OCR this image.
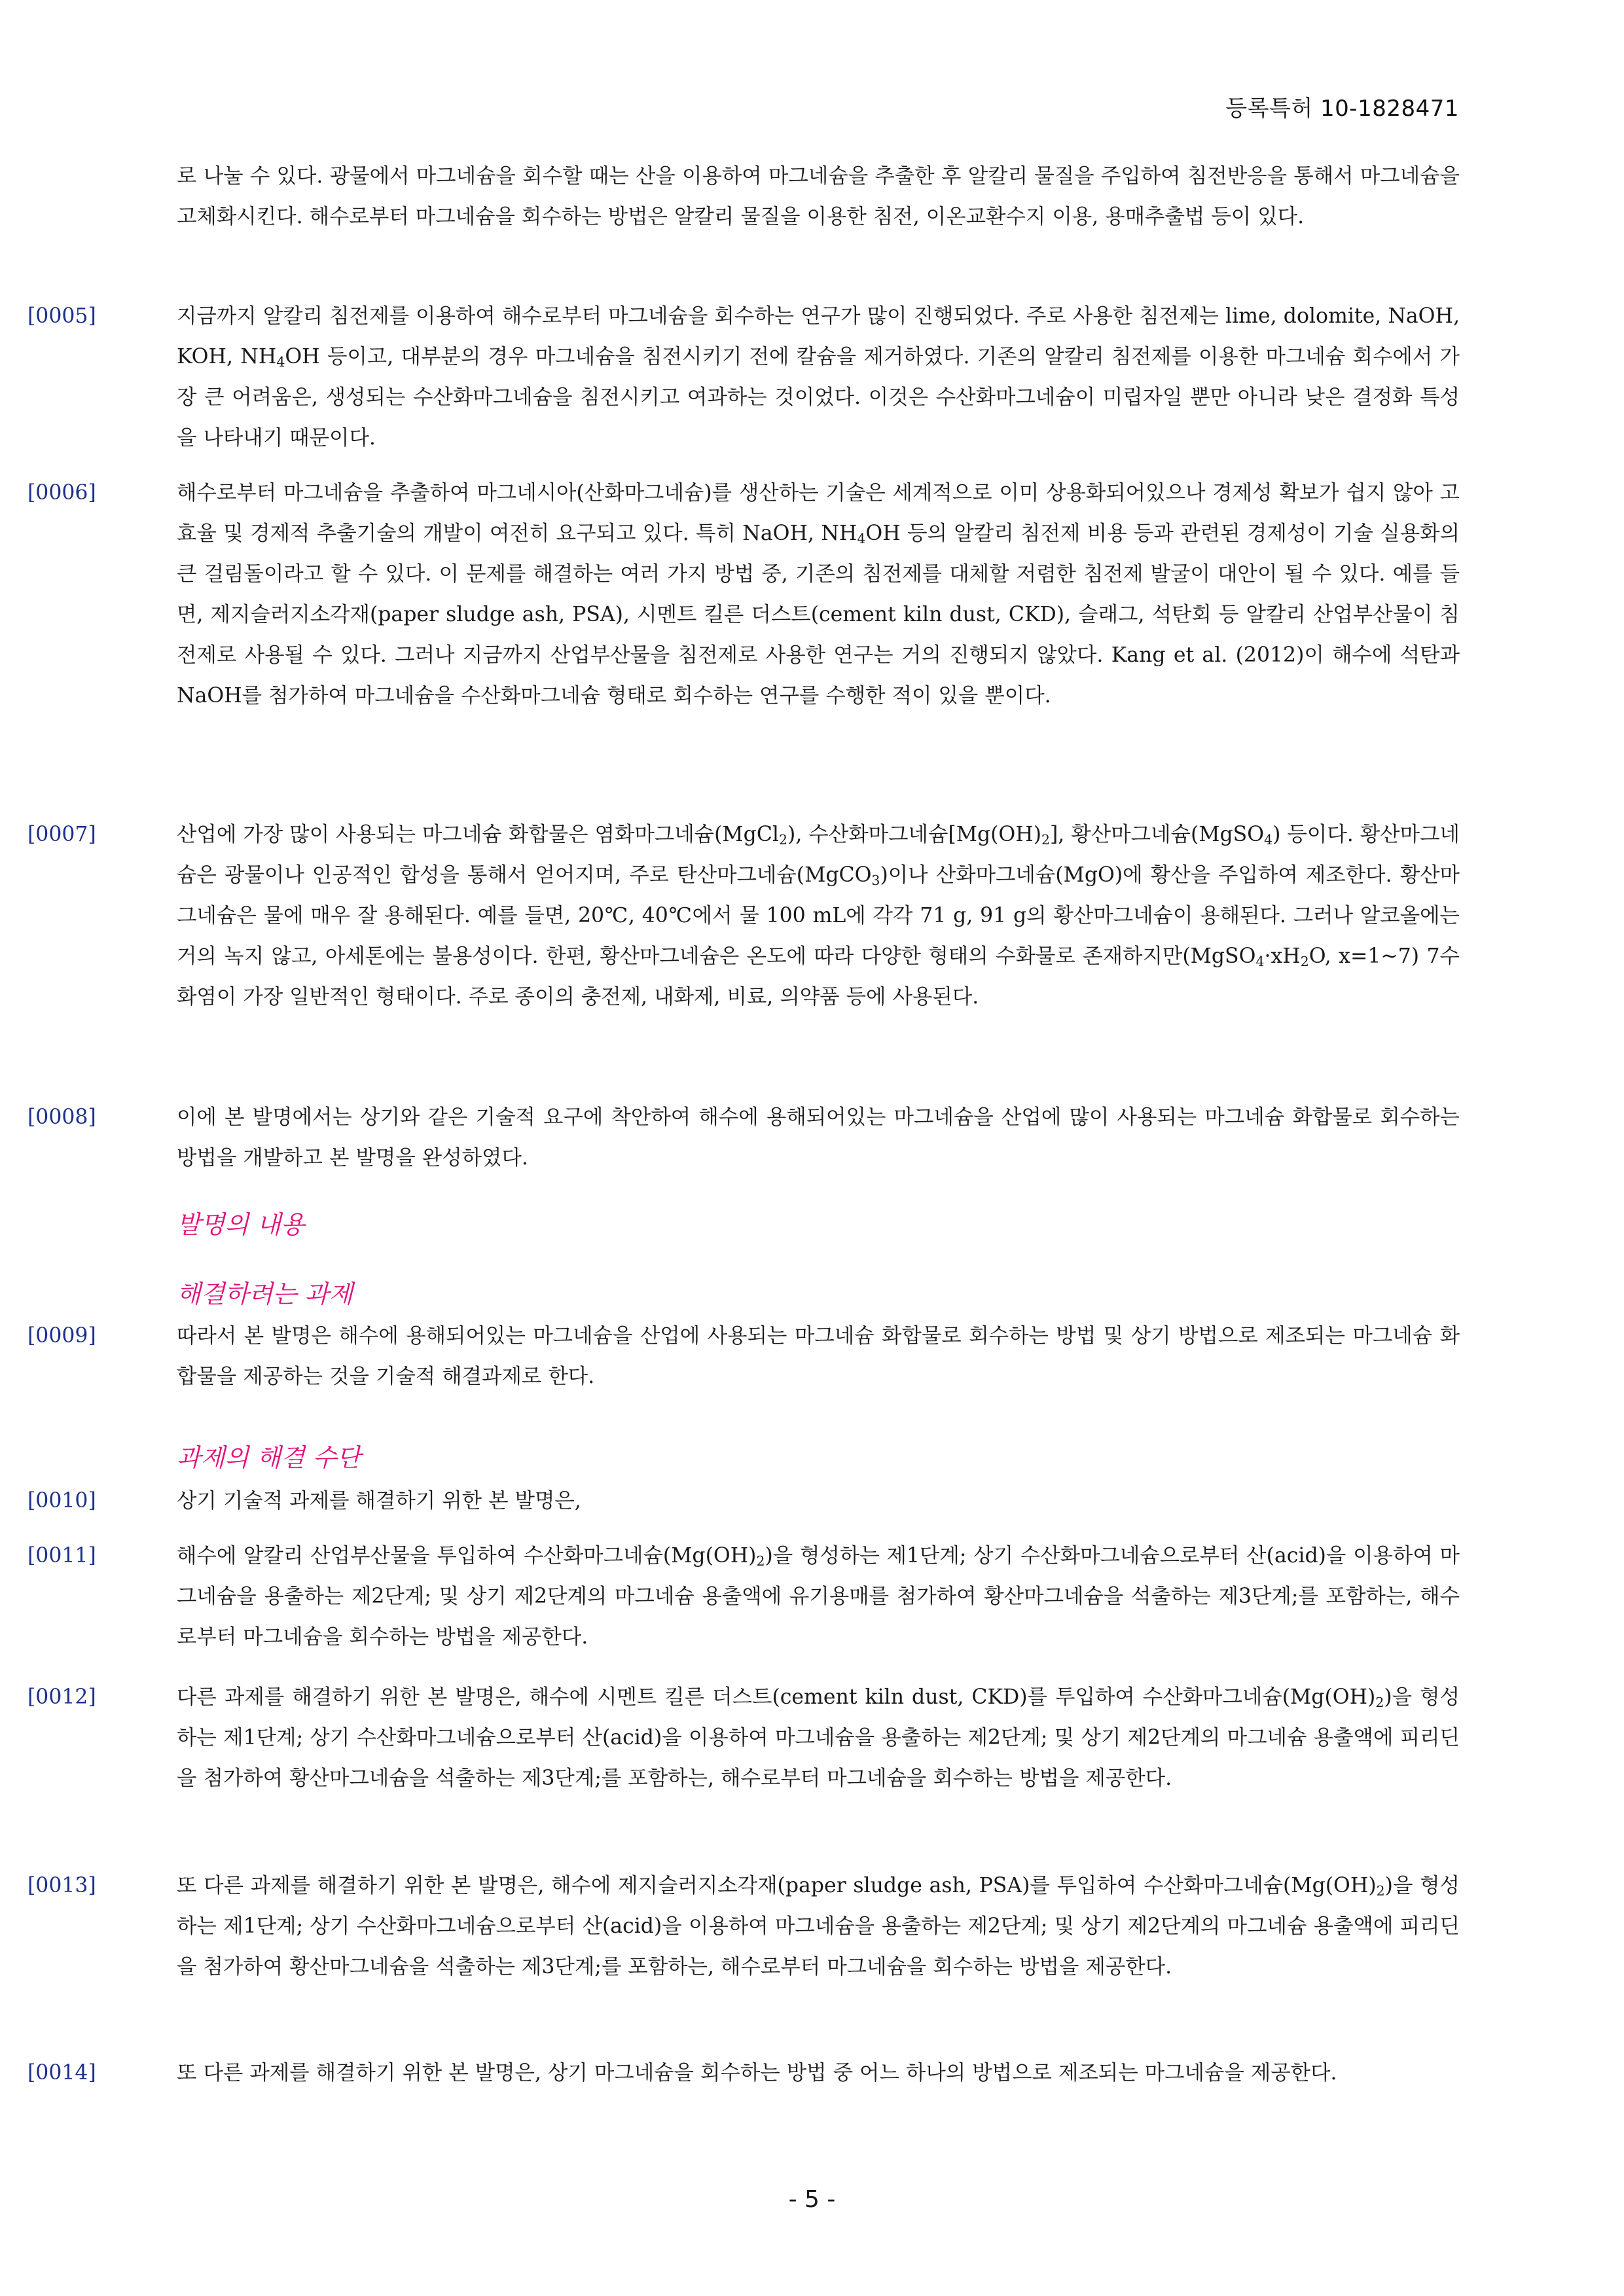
등록특허 10-1828471
로 나눌 수 있다. 광물에서 마그네슘을 회수할 때는 산을 이용하여 마그네슘을 추출한 후 알칼리 물질을 주입하여 침전반응을 통해서 마그네슘을 고체화시킨다. 해수로부터 마그네슘을 회수하는 방법은 알칼리 물질을 이용한 침전, 이온교환수지 이용, 용매추출법 등이 있다.
[0005]	지금까지 알칼리 침전제를 이용하여 해수로부터 마그네슘을 회수하는 연구가 많이 진행되었다. 주로 사용한 침전제는 lime, dolomite, NaOH, KOH, $NH_4OH$ 등이고, 대부분의 경우 마그네슘을 침전시키기 전에 칼슘을 제거하였다. 기존의 알칼리 침전제를 이용한 마그네슘 회수에서 가장 큰 어려움은, 생성되는 수산화마그네슘을 침전시키고 여과하는 것이었다. 이것은 수산화마그네슘이 미립자일 뿐만 아니라 낮은 결정화 특성을 나타내기 때문이다.
[0006]	해수로부터 마그네슘을 추출하여 마그네시아(산화마그네슘)를 생산하는 기술은 세계적으로 이미 상용화되어있으나 경제성 확보가 쉽지 않아 고효율 및 경제적 추출기술의 개발이 여전히 요구되고 있다. 특히 NaOH, $NH_4OH$ 등의 알칼리 침전제 비용 등과 관련된 경제성이 기술 실용화의 큰 걸림돌이라고 할 수 있다. 이 문제를 해결하는 여러 가지 방법 중, 기존의 침전제를 대체할 저렴한 침전제 발굴이 대안이 될 수 있다. 예를 들면, 제지슬러지소각재(paper sludge ash, PSA), 시멘트 킬른 더스트(cement kiln dust, CKD), 슬래그, 석탄회 등 알칼리 산업부산물이 침전제로 사용될 수 있다. 그러나 지금까지 산업부산물을 침전제로 사용한 연구는 거의 진행되지 않았다. Kang et al. (2012)이 해수에 석탄과 NaOH를 첨가하여 마그네슘을 수산화마그네슘 형태로 회수하는 연구를 수행한 적이 있을 뿐이다.
[0007]	산업에 가장 많이 사용되는 마그네슘 화합물은 염화마그네슘(MgCl$_2$), 수산화마그네슘$[Mg(OH)_2]$, 황산마그네슘(MgSO$_4$) 등이다. 황산마그네슘은 광물이나 인공적인 합성을 통해서 얻어지며, 주로 탄산마그네슘(MgCO$_3$)이나 산화마그네슘(MgO)에 황산을 주입하여 제조한다. 황산마그네슘은 물에 매우 잘 용해된다. 예를 들면, 20℃, 40℃에서 물 100 mL에 각각 71 g, 91 g의 황산마그네슘이 용해된다. 그러나 알코올에는 거의 녹지 않고, 아세톤에는 불용성이다. 한편, 황산마그네슘은 온도에 따라 다양한 형태의 수화물로 존재하지만($MgSO_4\cdot xH_2O$, x=1~7) 7수화염이 가장 일반적인 형태이다. 주로 종이의 충전제, 내화제, 비료, 의약품 등에 사용된다.
[0008]	이에 본 발명에서는 상기와 같은 기술적 요구에 착안하여 해수에 용해되어있는 마그네슘을 산업에 많이 사용되는 마그네슘 화합물로 회수하는 방법을 개발하고 본 발명을 완성하였다.
발명의 내용
해결하려는 과제
[0009]	따라서 본 발명은 해수에 용해되어있는 마그네슘을 산업에 사용되는 마그네슘 화합물로 회수하는 방법 및 상기 방법으로 제조되는 마그네슘 화합물을 제공하는 것을 기술적 해결과제로 한다.
과제의 해결 수단
[0010]	상기 기술적 과제를 해결하기 위한 본 발명은,
[0011]	해수에 알칼리 산업부산물을 투입하여 수산화마그네슘$(Mg(OH)_2)$을 형성하는 제1단계; 상기 수산화마그네슘으로부터 산(acid)을 이용하여 마그네슘을 용출하는 제2단계; 및 상기 제2단계의 마그네슘 용출액에 유기용매를 첨가하여 황산마그네슘을 석출하는 제3단계;를 포함하는, 해수로부터 마그네슘을 회수하는 방법을 제공한다.
[0012]	다른 과제를 해결하기 위한 본 발명은, 해수에 시멘트 킬른 더스트(cement kiln dust, CKD)를 투입하여 수산화마그네슘$(Mg(OH)_2)$을 형성하는 제1단계; 상기 수산화마그네슘으로부터 산(acid)을 이용하여 마그네슘을 용출하는 제2단계; 및 상기 제2단계의 마그네슘 용출액에 피리딘을 첨가하여 황산마그네슘을 석출하는 제3단계;를 포함하는, 해수로부터 마그네슘을 회수하는 방법을 제공한다.
[0013]	또 다른 과제를 해결하기 위한 본 발명은, 해수에 제지슬러지소각재(paper sludge ash, PSA)를 투입하여 수산화마그네슘$(Mg(OH)_2)$을 형성하는 제1단계; 상기 수산화마그네슘으로부터 산(acid)을 이용하여 마그네슘을 용출하는 제2단계; 및 상기 제2단계의 마그네슘 용출액에 피리딘을 첨가하여 황산마그네슘을 석출하는 제3단계;를 포함하는, 해수로부터 마그네슘을 회수하는 방법을 제공한다.
[0014]	또 다른 과제를 해결하기 위한 본 발명은, 상기 마그네슘을 회수하는 방법 중 어느 하나의 방법으로 제조되는 마그네슘을 제공한다.
- 5 -
